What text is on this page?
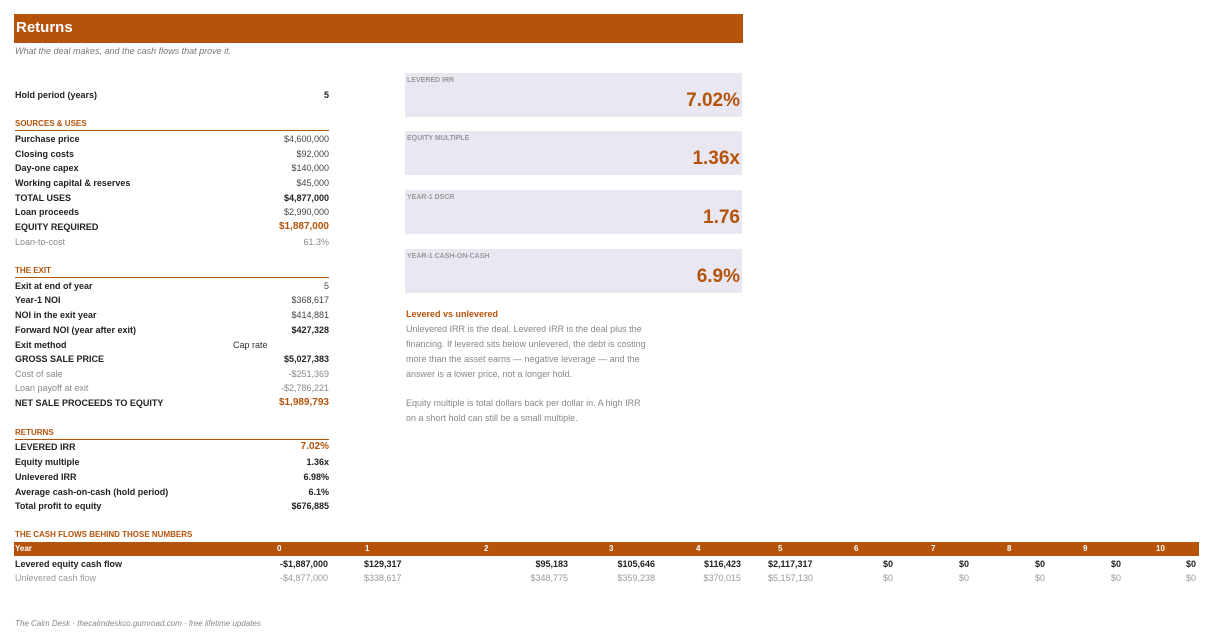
Returns
What the deal makes, and the cash flows that prove it.
Hold period (years)	5
SOURCES & USES
Purchase price	$4,600,000
Closing costs	$92,000
Day-one capex	$140,000
Working capital & reserves	$45,000
TOTAL USES	$4,877,000
Loan proceeds	$2,990,000
EQUITY REQUIRED	$1,887,000
Loan-to-cost	61.3%
THE EXIT
Exit at end of year	5
Year-1 NOI	$368,617
NOI in the exit year	$414,881
Forward NOI (year after exit)	$427,328
Exit method	Cap rate
GROSS SALE PRICE	$5,027,383
Cost of sale	-$251,369
Loan payoff at exit	-$2,786,221
NET SALE PROCEEDS TO EQUITY	$1,989,793
RETURNS
LEVERED IRR	7.02%
Equity multiple	1.36x
Unlevered IRR	6.98%
Average cash-on-cash (hold period)	6.1%
Total profit to equity	$676,885
LEVERED IRR
7.02%
EQUITY MULTIPLE
1.36x
YEAR-1 DSCR
1.76
YEAR-1 CASH-ON-CASH
6.9%
Levered vs unlevered
Unlevered IRR is the deal. Levered IRR is the deal plus the financing. If levered sits below unlevered, the debt is costing more than the asset earns — negative leverage — and the answer is a lower price, not a longer hold.
Equity multiple is total dollars back per dollar in. A high IRR on a short hold can still be a small multiple.
THE CASH FLOWS BEHIND THOSE NUMBERS
Year	0	1	2	3	4	5	6	7	8	9	10
Levered equity cash flow	-$1,887,000	$129,317	$95,183	$105,646	$116,423	$2,117,317	$0	$0	$0	$0	$0
Unlevered cash flow	-$4,877,000	$338,617	$348,775	$359,238	$370,015	$5,157,130	$0	$0	$0	$0	$0
The Calm Desk · thecalmdeskco.gumroad.com · free lifetime updates
